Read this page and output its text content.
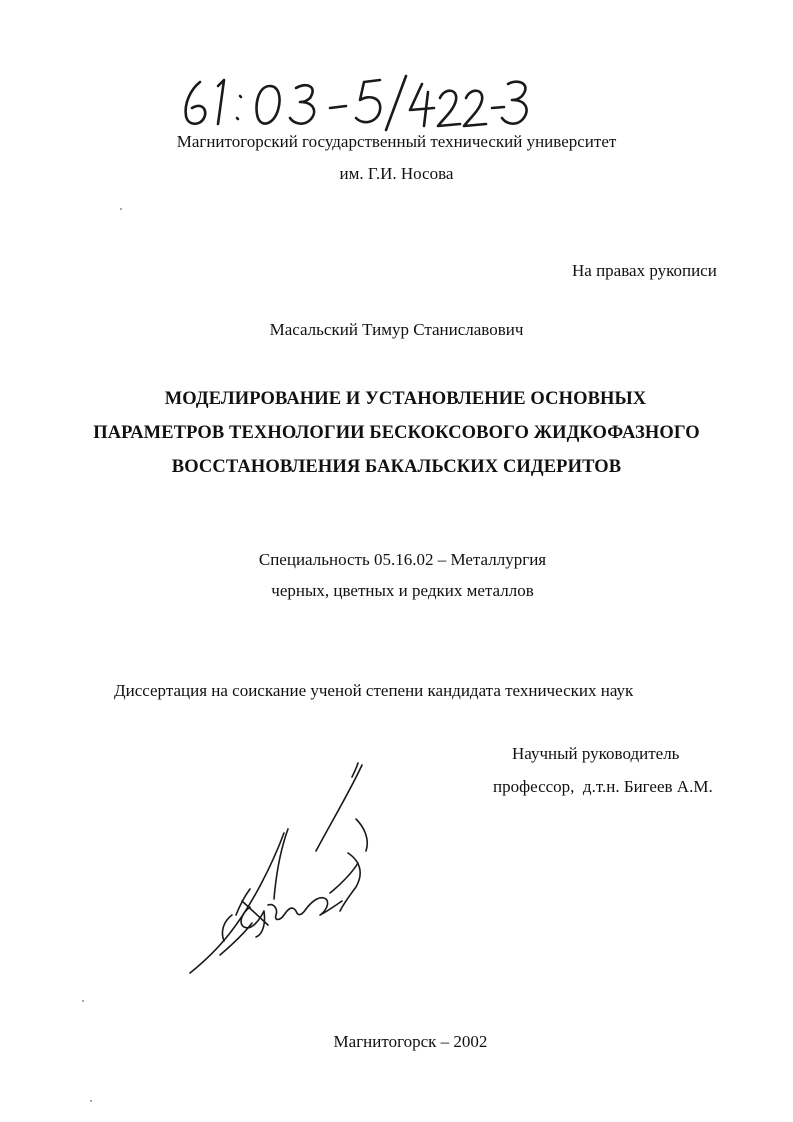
Магнитогорский государственный технический университет
им. Г.И. Носова
На правах рукописи
Масальский Тимур Станиславович
МОДЕЛИРОВАНИЕ И УСТАНОВЛЕНИЕ ОСНОВНЫХ
ПАРАМЕТРОВ ТЕХНОЛОГИИ БЕСКОКСОВОГО ЖИДКОФАЗНОГО
ВОССТАНОВЛЕНИЯ БАКАЛЬСКИХ СИДЕРИТОВ
Специальность 05.16.02 – Металлургия
черных, цветных и редких металлов
Диссертация на соискание ученой степени кандидата технических наук
Научный руководитель
профессор,  д.т.н. Бигеев А.М.
Магнитогорск – 2002
